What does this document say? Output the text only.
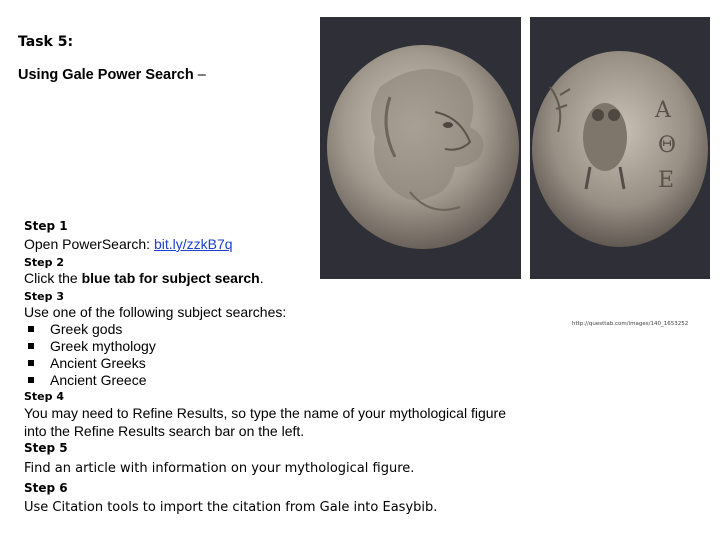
Task 5:
Using Gale Power Search –
Α
Θ
Ε
http://questtab.com/images/140_1653252
Step 1
Open PowerSearch: bit.ly/zzkB7q
Step 2
Click the blue tab for subject search.
Step 3
Use one of the following subject searches:
Greek gods
Greek mythology
Ancient Greeks
Ancient Greece
Step 4
You may need to Refine Results, so type the name of your mythological figure
into the Refine Results search bar on the left.
Step 5
Find an article with information on your mythological figure.
Step 6
Use Citation tools to import the citation from Gale into Easybib.
